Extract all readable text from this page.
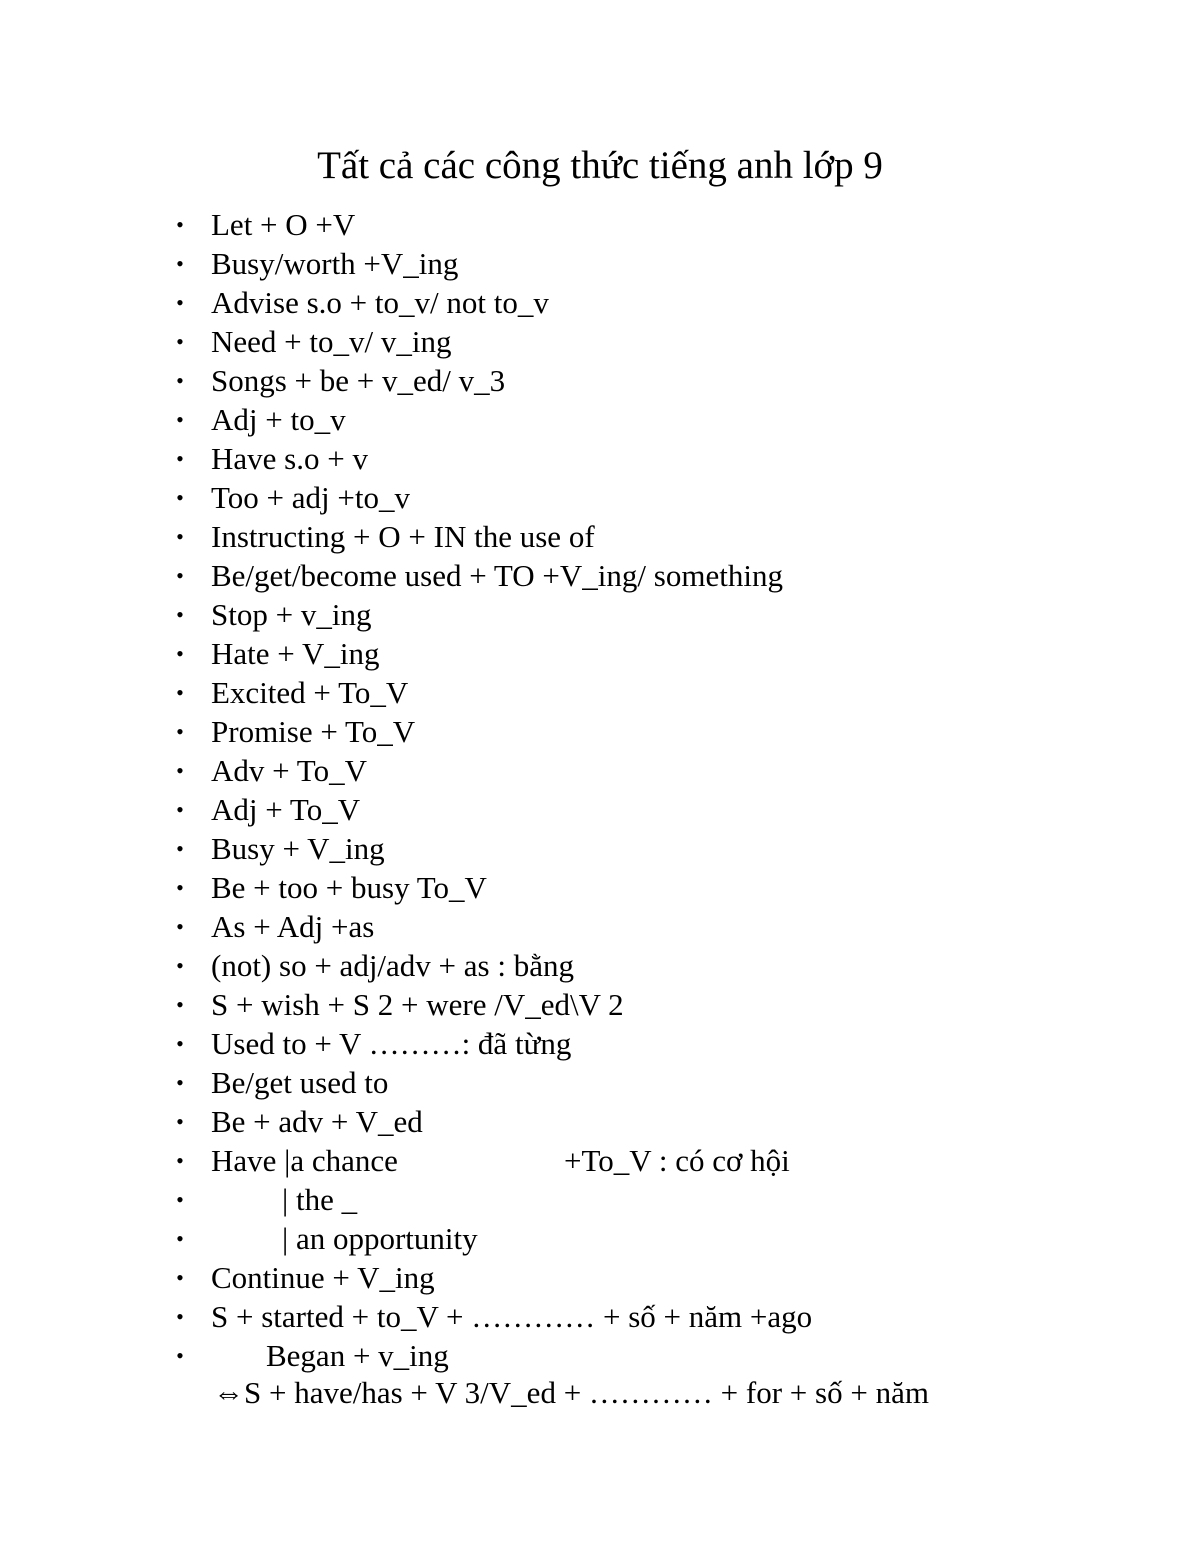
Tất cả các công thức tiếng anh lớp 9
• Let + O +V
• Busy/worth +V_ing
• Advise s.o + to_v/ not to_v
• Need + to_v/ v_ing
• Songs + be + v_ed/ v_3
• Adj + to_v
• Have s.o + v
• Too + adj +to_v
• Instructing + O + IN the use of
• Be/get/become used + TO +V_ing/ something
• Stop + v_ing
• Hate + V_ing
• Excited + To_V
• Promise + To_V
• Adv + To_V
• Adj + To_V
• Busy + V_ing
• Be + too + busy To_V
• As + Adj +as
• (not) so + adj/adv + as : bằng
• S + wish + S 2 + were /V_ed\V 2
• Used to + V ………: đã từng
• Be/get used to
• Be + adv + V_ed
• Have |a chance	+To_V : có cơ hội
•	| the _
•	| an opportunity
• Continue + V_ing
• S + started + to_V + ………… + số + năm +ago
•	Began + v_ing
⇔S + have/has + V 3/V_ed + ………… + for + số + năm
